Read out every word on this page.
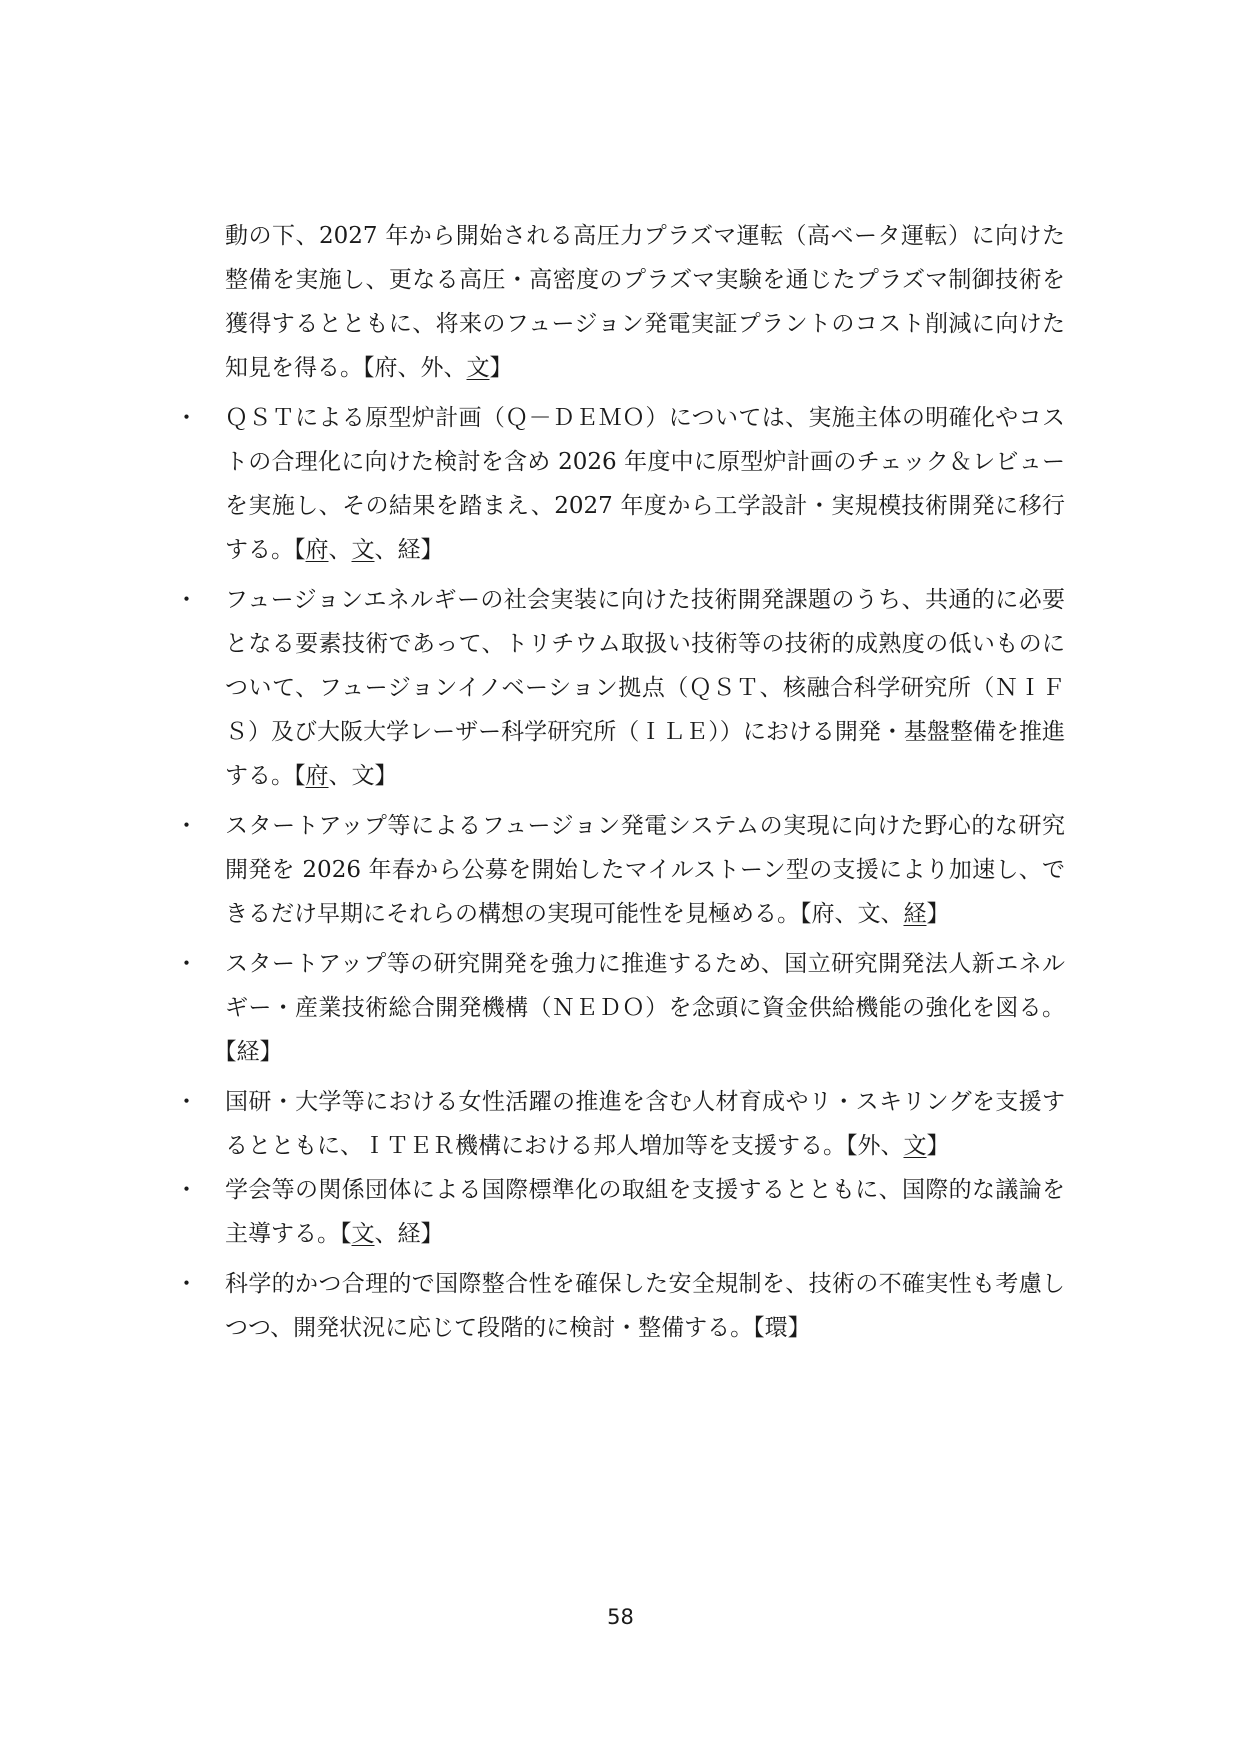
動の下、2027 年から開始される高圧力プラズマ運転（高ベータ運転）に向けた整備を実施し、更なる高圧・高密度のプラズマ実験を通じたプラズマ制御技術を獲得するとともに、将来のフュージョン発電実証プラントのコスト削減に向けた知見を得る。【府、外、文】

・ ＱＳＴによる原型炉計画（Ｑ－ＤＥＭＯ）については、実施主体の明確化やコストの合理化に向けた検討を含め 2026 年度中に原型炉計画のチェック＆レビューを実施し、その結果を踏まえ、2027 年度から工学設計・実規模技術開発に移行する。【府、文、経】

・ フュージョンエネルギーの社会実装に向けた技術開発課題のうち、共通的に必要となる要素技術であって、トリチウム取扱い技術等の技術的成熟度の低いものについて、フュージョンイノベーション拠点（ＱＳＴ、核融合科学研究所（ＮＩＦＳ）及び大阪大学レーザー科学研究所（ＩＬＥ））における開発・基盤整備を推進する。【府、文】

・ スタートアップ等によるフュージョン発電システムの実現に向けた野心的な研究開発を 2026 年春から公募を開始したマイルストーン型の支援により加速し、できるだけ早期にそれらの構想の実現可能性を見極める。【府、文、経】

・ スタートアップ等の研究開発を強力に推進するため、国立研究開発法人新エネルギー・産業技術総合開発機構（ＮＥＤＯ）を念頭に資金供給機能の強化を図る。【経】

・ 国研・大学等における女性活躍の推進を含む人材育成やリ・スキリングを支援するとともに、ＩＴＥＲ機構における邦人増加等を支援する。【外、文】

・ 学会等の関係団体による国際標準化の取組を支援するとともに、国際的な議論を主導する。【文、経】

・ 科学的かつ合理的で国際整合性を確保した安全規制を、技術の不確実性も考慮しつつ、開発状況に応じて段階的に検討・整備する。【環】

58
